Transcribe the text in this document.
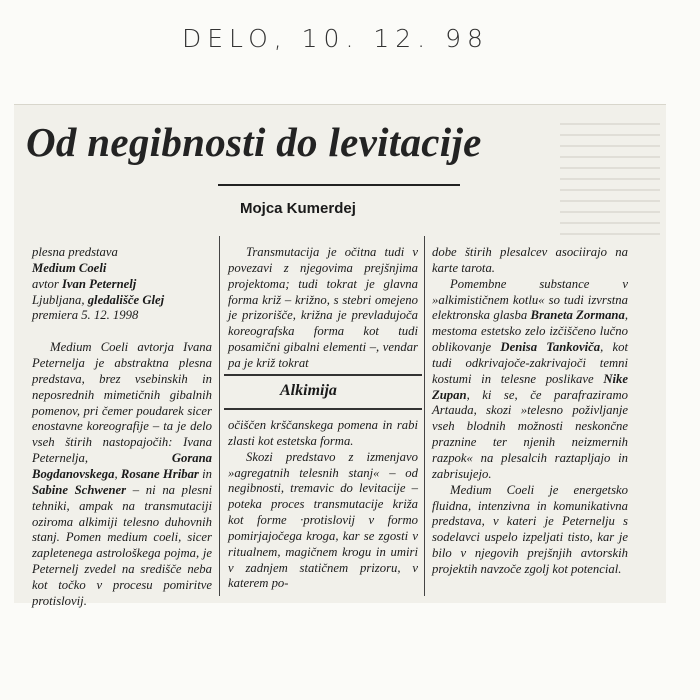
DELO, 10. 12. 98
Od negibnosti do levitacije
Mojca Kumerdej

plesna predstava
Medium Coeli
avtor Ivan Peternelj
Ljubljana, gledališče Glej
premiera 5. 12. 1998

Medium Coeli avtorja Ivana Peternelja je abstraktna plesna predstava, brez vsebinskih in neposrednih mimetičnih gibalnih pomenov, pri čemer poudarek sicer enostavne koreografije – ta je delo vseh štirih nastopajočih: Ivana Peternelja, Gorana Bogdanovskega, Rosane Hribar in Sabine Schwener – ni na plesni tehniki, ampak na transmutaciji oziroma alkimiji telesno duhovnih stanj. Pomen medium coeli, sicer zapletenega astrološkega pojma, je Peternelj zvedel na središče neba kot točko v procesu pomiritve protislovij.

Transmutacija je očitna tudi v povezavi z njegovima prejšnjima projektoma; tudi tokrat je glavna forma križ – križno, s stebri omejeno je prizorišče, križna je prevladujoča koreografska forma kot tudi posamični gibalni elementi –, vendar pa je križ tokrat

Alkimija

očiščen krščanskega pomena in rabi zlasti kot estetska forma.

Skozi predstavo z izmenjavo »agregatnih telesnih stanj« – od negibnosti, tremavic do levitacije – poteka proces transmutacije križa kot forme ·protislovij v formo pomirjajočega kroga, kar se zgosti v ritualnem, magičnem krogu in umiri v zadnjem statičnem prizoru, v katerem po-

dobe štirih plesalcev asociirajo na karte tarota.

Pomembne substance v »alkimističnem kotlu« so tudi izvrstna elektronska glasba Braneta Zormana, mestoma estetsko zelo izčiščeno lučno oblikovanje Denisa Tankoviča, kot tudi odkrivajoče-zakrivajoči temni kostumi in telesne poslikave Nike Zupan, ki se, če parafraziramo Artauda, skozi »telesno poživljanje vseh blodnih možnosti neskončne praznine ter njenih neizmernih razpok« na plesalcih raztapljajo in zabrisujejo.

Medium Coeli je energetsko fluidna, intenzivna in komunikativna predstava, v kateri je Peternelju s sodelavci uspelo izpeljati tisto, kar je bilo v njegovih prejšnjih avtorskih projektih navzoče zgolj kot potencial.
